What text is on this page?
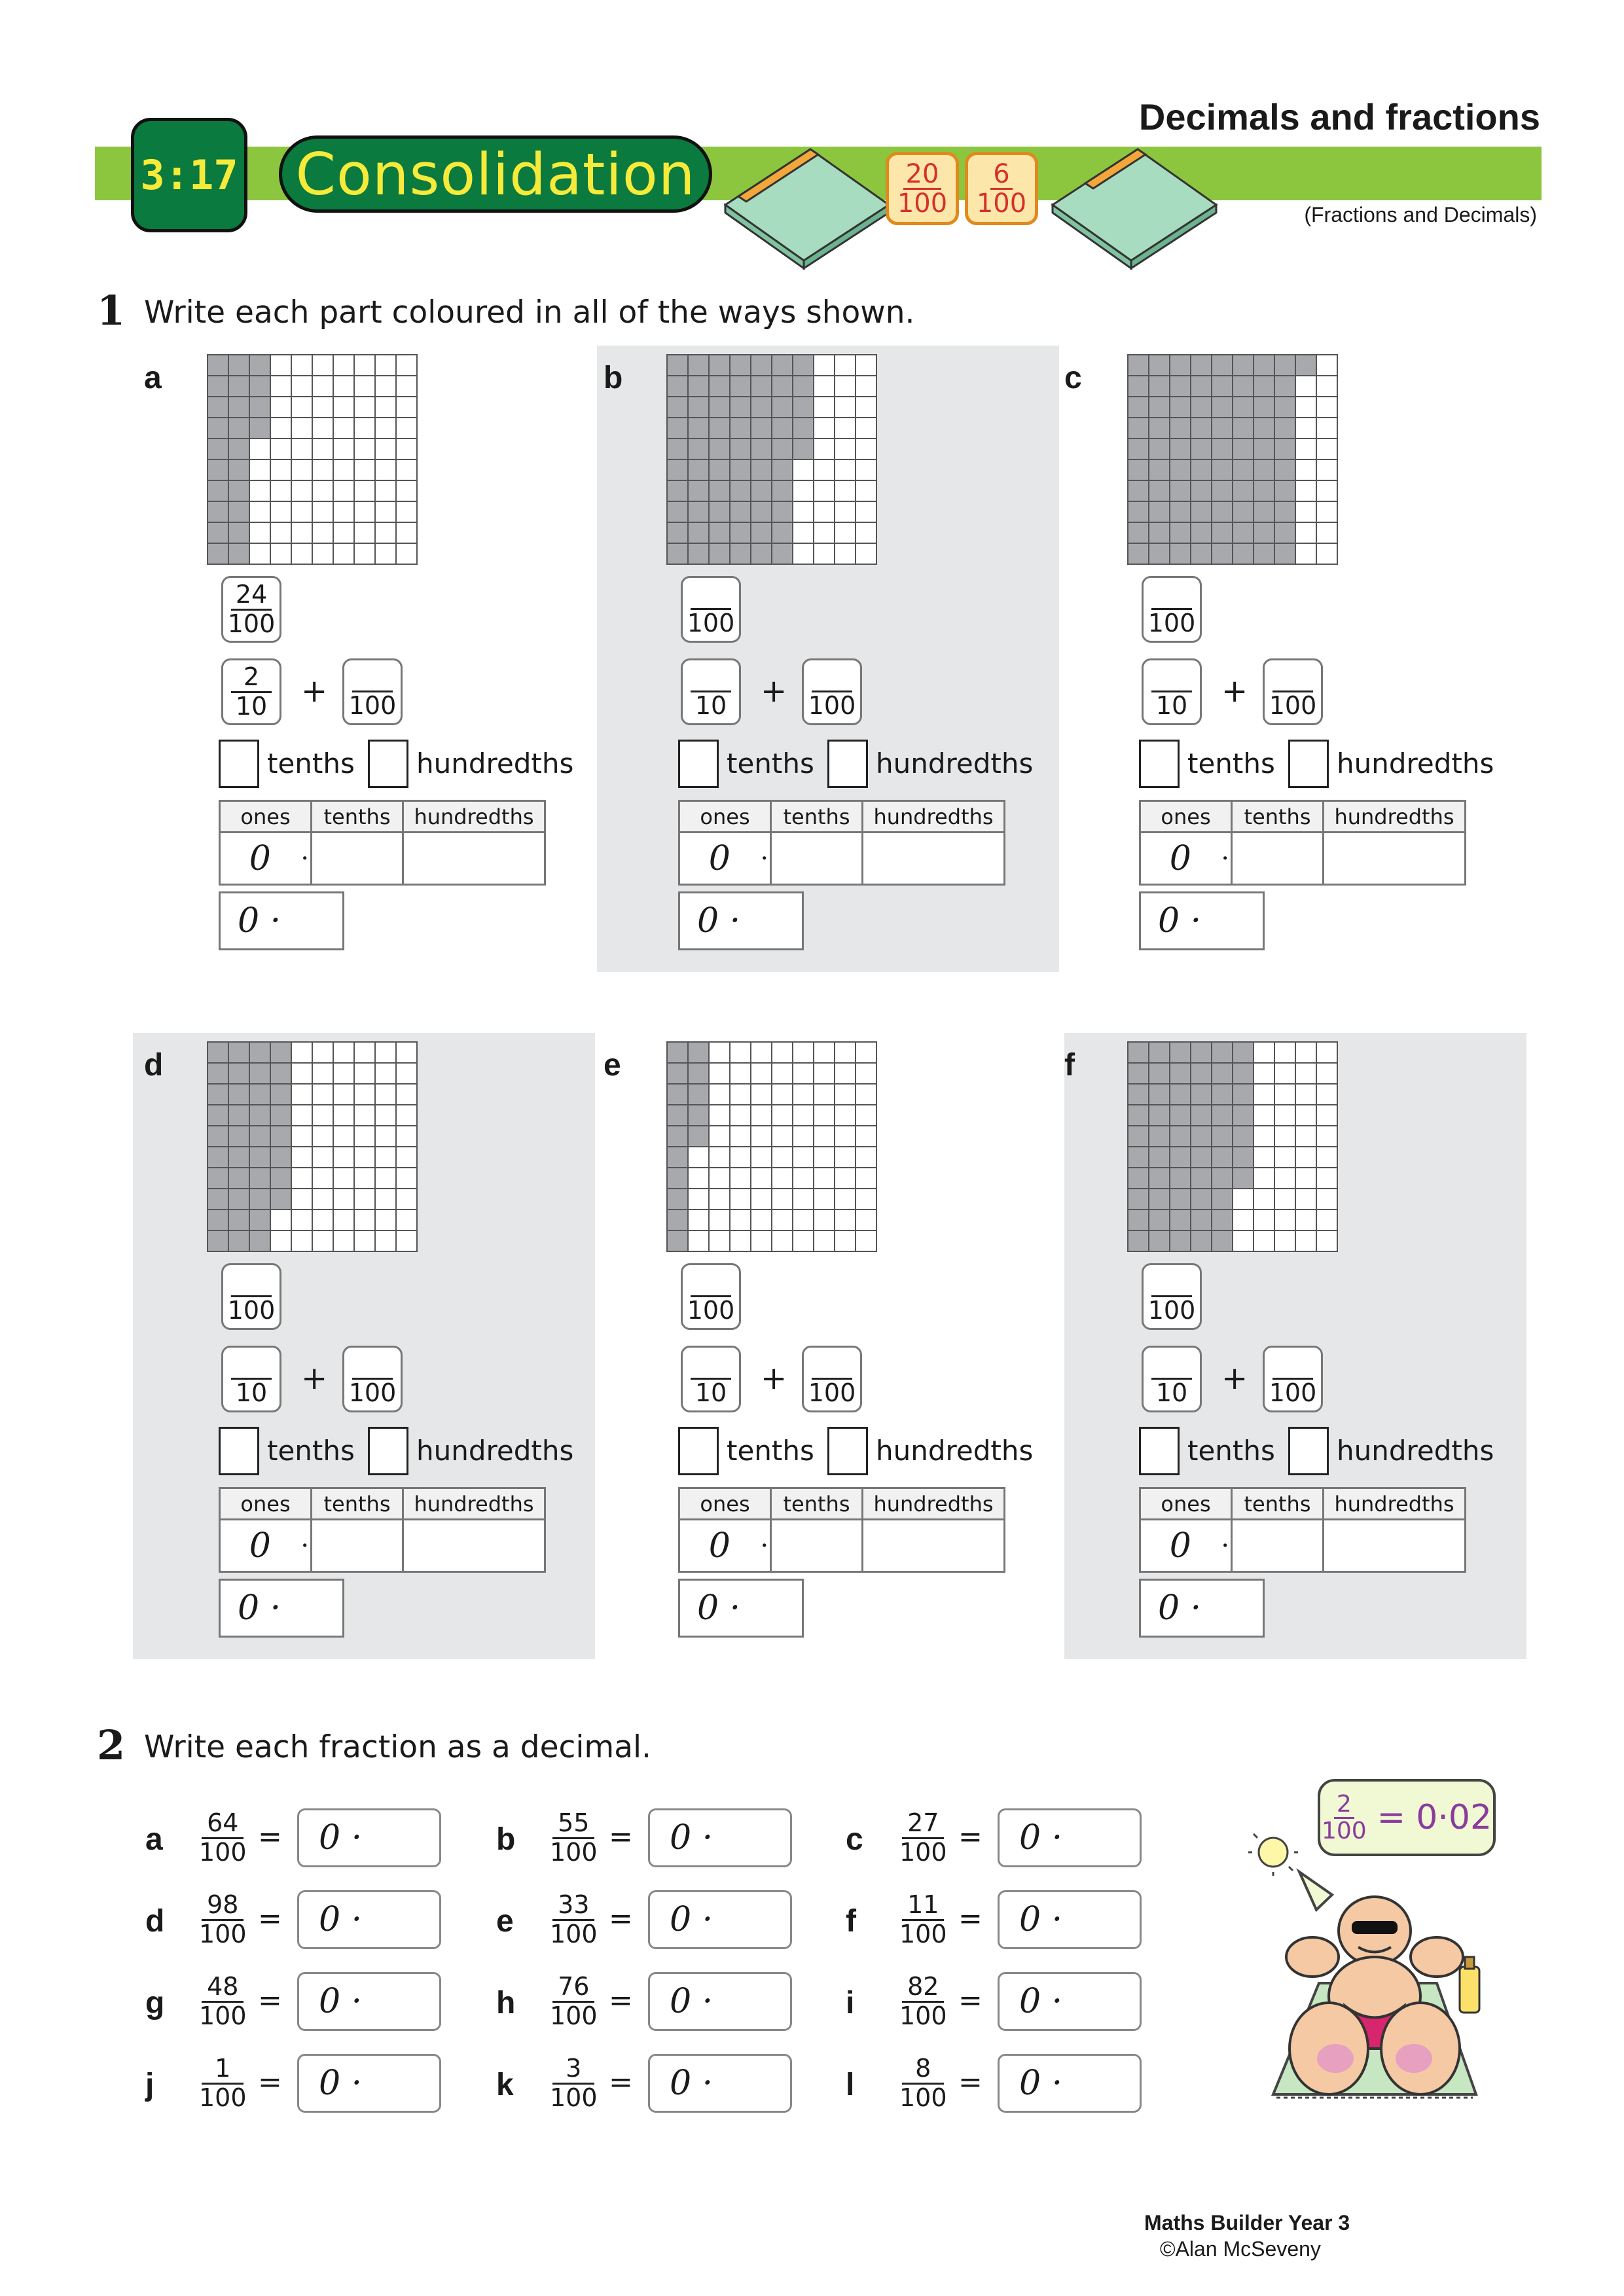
3:17 Consolidation	$\frac{20}{100} \frac{6}{100}$
Decimals and fractions
(Fractions and Decimals)
1 Write each part coloured in all of the ways shown.
a
$\frac{24}{100}$
$\frac{2}{10} + 100$
tenths hundredths
ones		tenths	hundredths
0	·		
0 ·
b
100
10 + 100
tenths hundredths
ones		tenths	hundredths
0	·		
0 ·
c
100
10 + 100
tenths hundredths
ones		tenths	hundredths
0	·		
0 ·
d
100
10 + 100
tenths hundredths
ones		tenths	hundredths
0	·		
0 ·
e
100
10 + 100
tenths hundredths
ones		tenths	hundredths
0	·		
0 ·
f
100
10 + 100
tenths hundredths
ones		tenths	hundredths
0	·		
0 ·
2 Write each fraction as a decimal.
a $\frac{64}{100}$ =	0 ·	b $\frac{55}{100}$ =	0 ·	c $\frac{27}{100}$ =	0 ·
d $\frac{98}{100}$ =	0 ·	e $\frac{33}{100}$ =	0 ·	f $\frac{11}{100}$ =	0 ·
g $\frac{48}{100}$ =	0 ·	h $\frac{76}{100}$ =	0 ·	i $\frac{82}{100}$ =	0 ·
j $\frac{1}{100}$ =	0 ·	k $\frac{3}{100}$ =	0 ·	l $\frac{8}{100}$ =	0 ·
$\frac{2}{100} = 0\cdot 02$
Maths Builder Year 3
©Alan McSeveny
